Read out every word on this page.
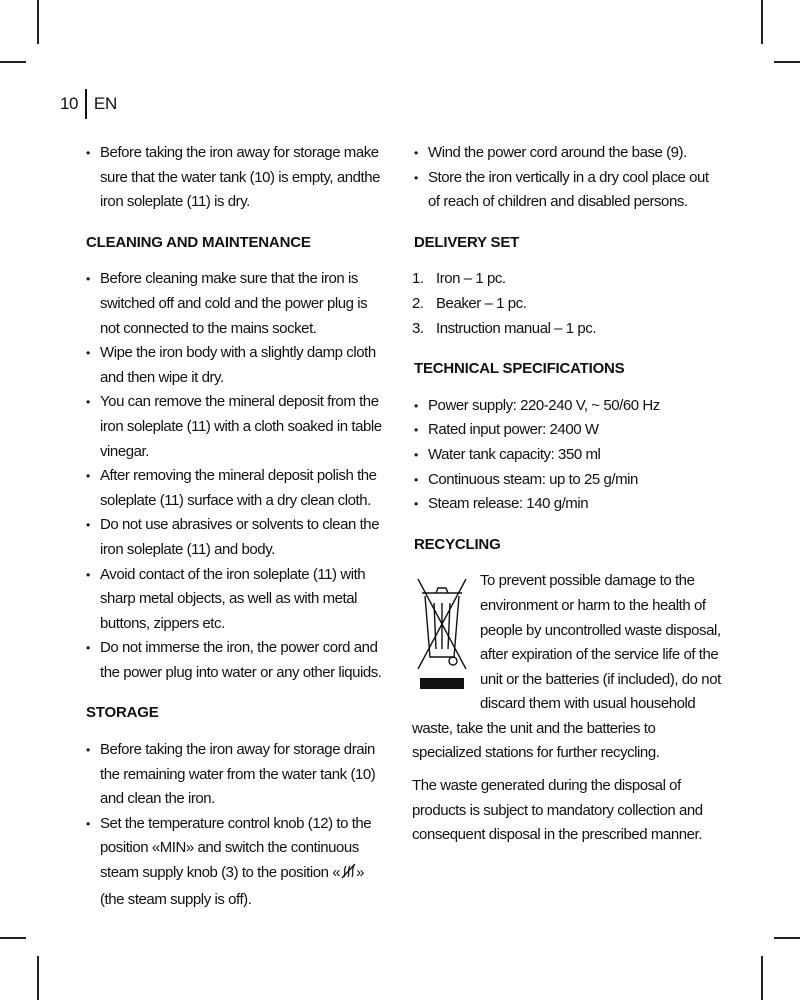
10 EN
• Before taking the iron away for storage make sure that the water tank (10) is empty, andthe iron soleplate (11) is dry.
CLEANING AND MAINTENANCE
• Before cleaning make sure that the iron is switched off and cold and the power plug is not connected to the mains socket.
• Wipe the iron body with a slightly damp cloth and then wipe it dry.
• You can remove the mineral deposit from the iron soleplate (11) with a cloth soaked in table vinegar.
• After removing the mineral deposit polish the soleplate (11) surface with a dry clean cloth.
• Do not use abrasives or solvents to clean the iron soleplate (11) and body.
• Avoid contact of the iron soleplate (11) with sharp metal objects, as well as with metal buttons, zippers etc.
• Do not immerse the iron, the power cord and the power plug into water or any other liquids.
STORAGE
• Before taking the iron away for storage drain the remaining water from the water tank (10) and clean the iron.
• Set the temperature control knob (12) to the position «MIN» and switch the continuous steam supply knob (3) to the position « » (the steam supply is off).
• Wind the power cord around the base (9).
• Store the iron vertically in a dry cool place out of reach of children and disabled persons.
DELIVERY SET
1. Iron – 1 pc.
2. Beaker – 1 pc.
3. Instruction manual – 1 pc.
TECHNICAL SPECIFICATIONS
• Power supply: 220-240 V, ~ 50/60 Hz
• Rated input power: 2400 W
• Water tank capacity: 350 ml
• Continuous steam: up to 25 g/min
• Steam release: 140 g/min
RECYCLING

To prevent possible damage to the environment or harm to the health of people by uncontrolled waste disposal, after expiration of the service life of the unit or the batteries (if included), do not discard them with usual household waste, take the unit and the batteries to specialized stations for further recycling.

The waste generated during the disposal of products is subject to mandatory collection and consequent disposal in the prescribed manner.
